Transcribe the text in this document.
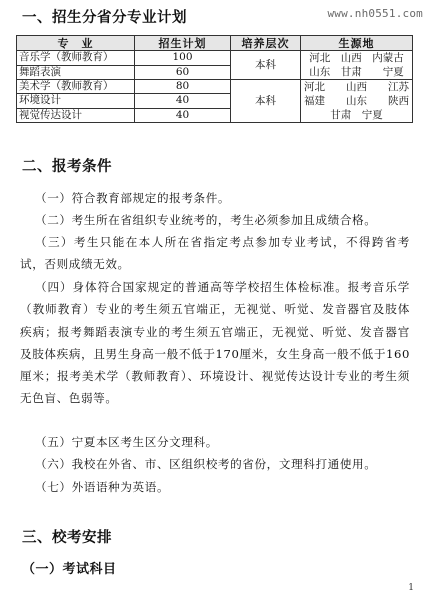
www.nh0551.com
一、招生分省分专业计划
专　业	招生计划	培养层次	生源地
音乐学（教师教育）	100	本科	河北　山西　内蒙古　山东　甘肃　　宁夏
舞蹈表演	60		
美术学（教师教育）	80	本科	河北　　山西　　江苏　福建　　山东　　陕西　　甘肃　宁夏
环境设计	40		
视觉传达设计	40		
二、报考条件

（一）符合教育部规定的报考条件。

（二）考生所在省组织专业统考的，考生必须参加且成绩合格。

（三）考生只能在本人所在省指定考点参加专业考试，不得跨省考试，否则成绩无效。

（四）身体符合国家规定的普通高等学校招生体检标准。报考音乐学（教师教育）专业的考生须五官端正，无视觉、听觉、发音器官及肢体疾病；报考舞蹈表演专业的考生须五官端正，无视觉、听觉、发音器官及肢体疾病，且男生身高一般不低于170厘米，女生身高一般不低于160厘米；报考美术学（教师教育）、环境设计、视觉传达设计专业的考生须无色盲、色弱等。

（五）宁夏本区考生区分文理科。

（六）我校在外省、市、区组织校考的省份，文理科打通使用。

（七）外语语种为英语。

三、校考安排
（一）考试科目
1
